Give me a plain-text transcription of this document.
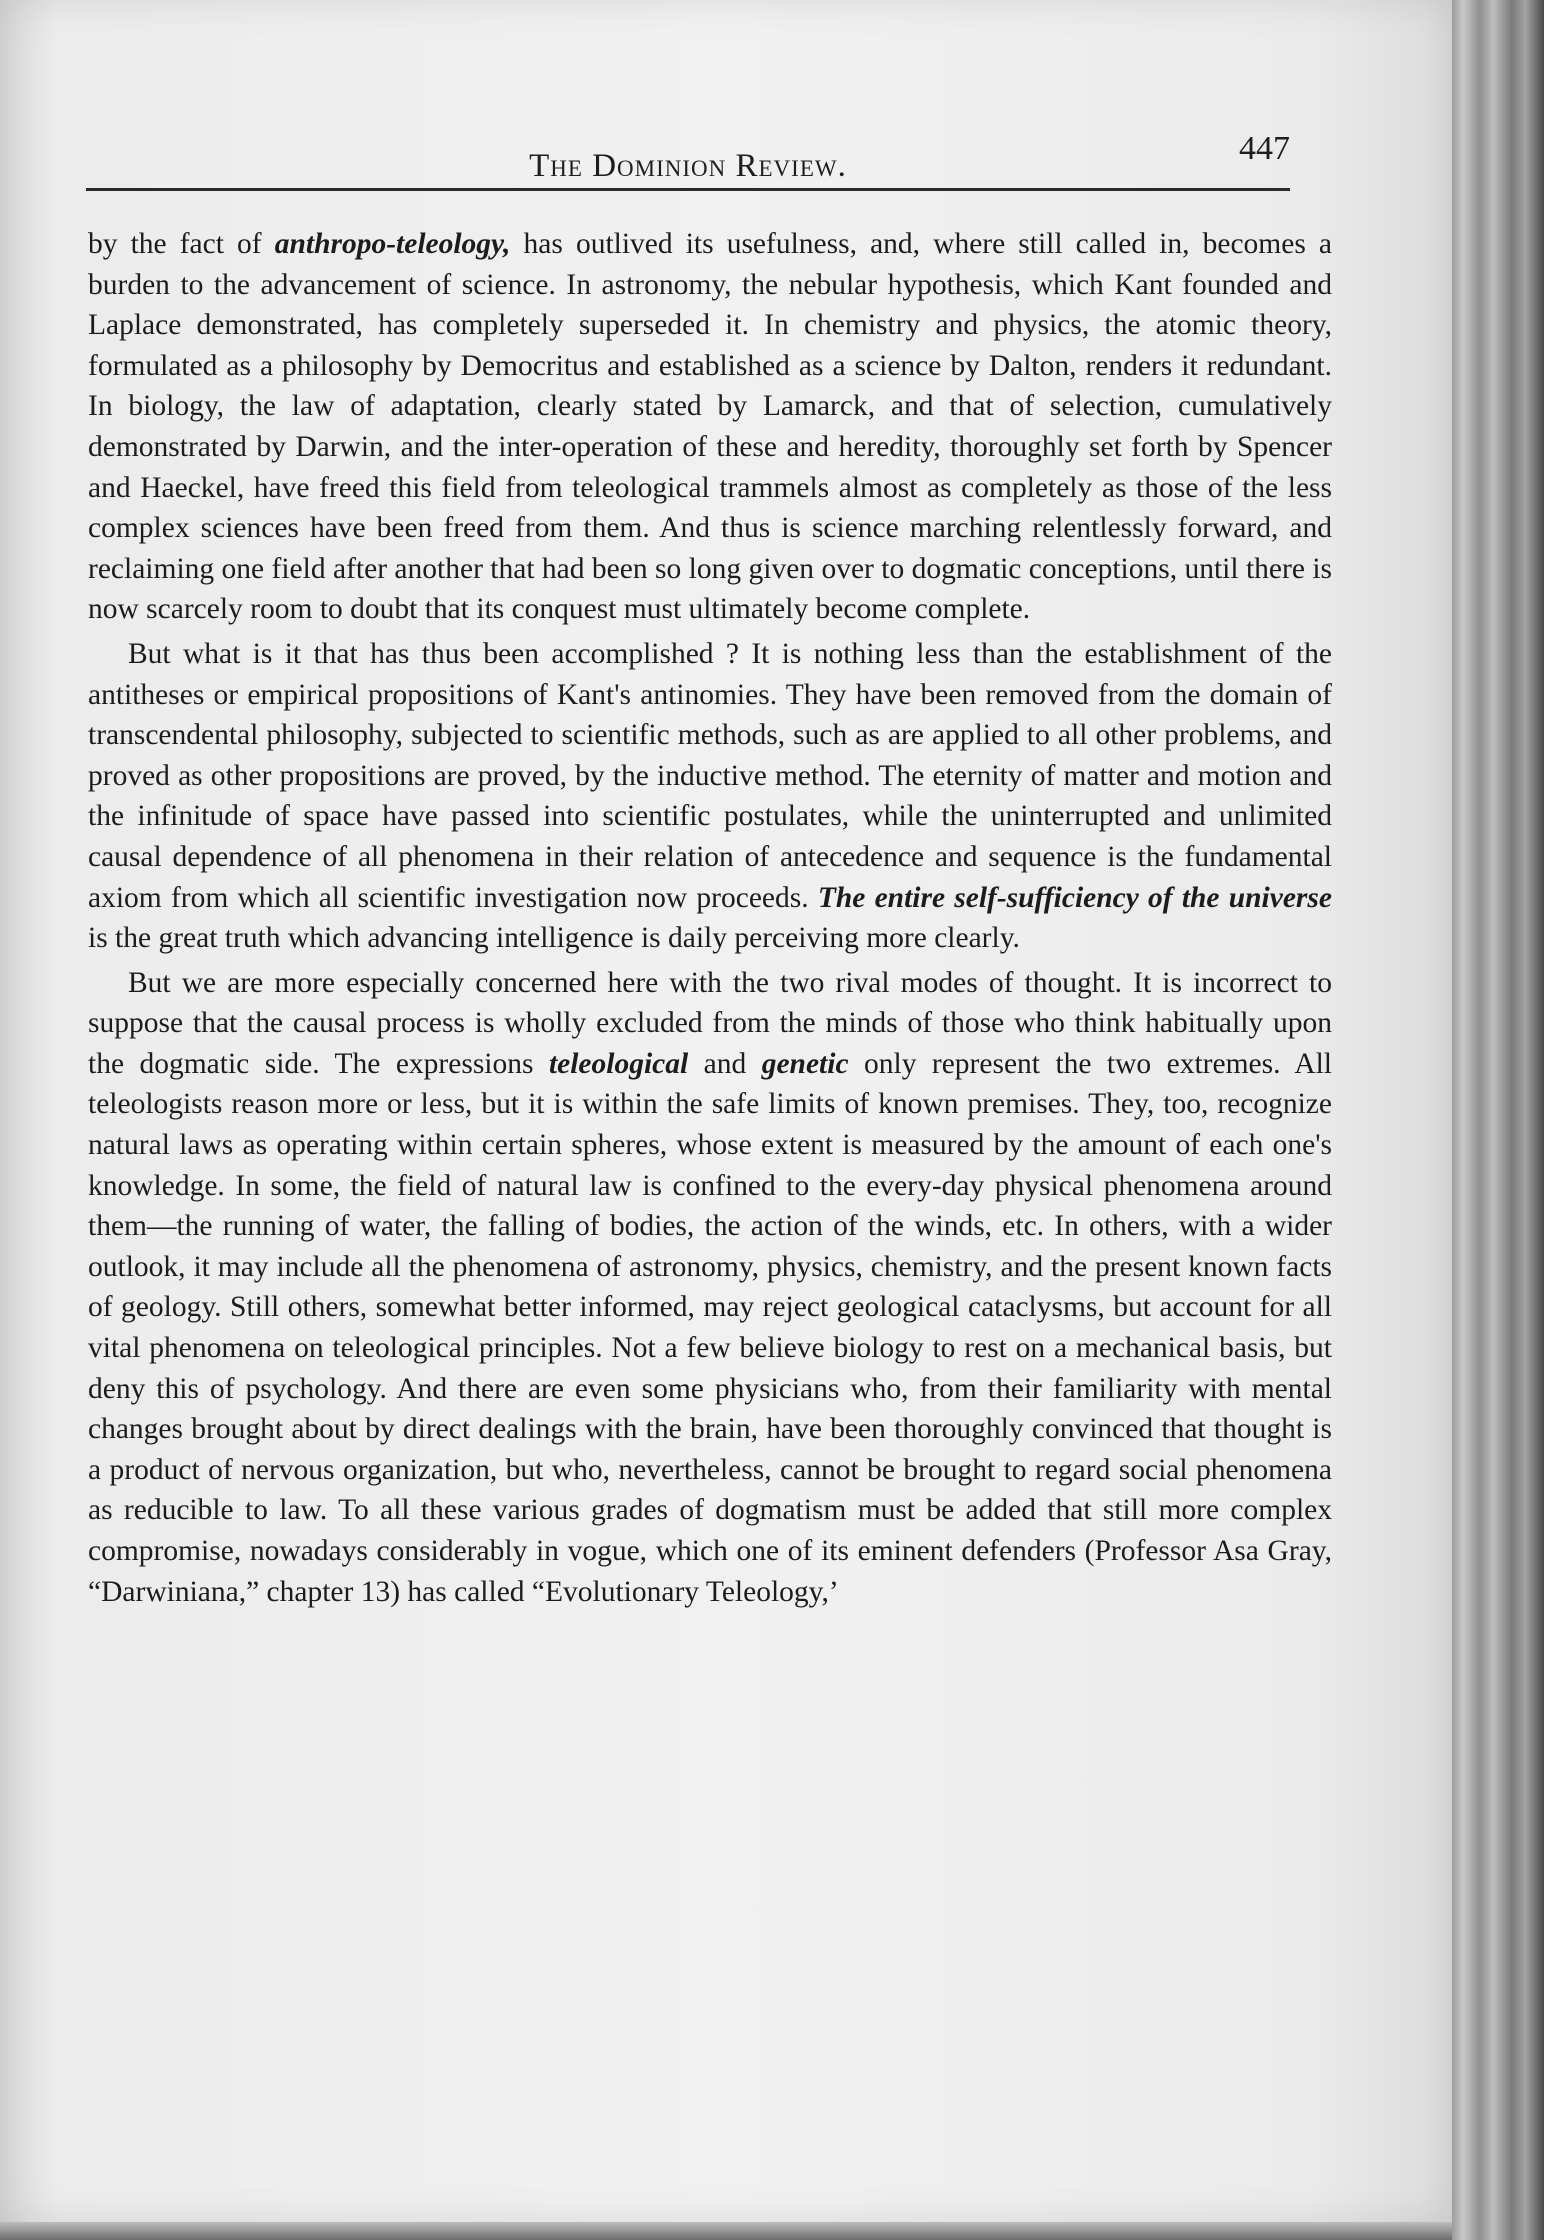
The Dominion Review.	447

by the fact of anthropo-teleology, has outlived its usefulness, and, where still called in, becomes a burden to the advancement of science. In astronomy, the nebular hypothesis, which Kant founded and Laplace demonstrated, has completely superseded it. In chemistry and physics, the atomic theory, formulated as a philosophy by Democritus and established as a science by Dalton, renders it redundant. In biology, the law of adaptation, clearly stated by Lamarck, and that of selection, cumulatively demonstrated by Darwin, and the inter-operation of these and heredity, thoroughly set forth by Spencer and Haeckel, have freed this field from teleological trammels almost as completely as those of the less complex sciences have been freed from them. And thus is science marching relentlessly forward, and reclaiming one field after another that had been so long given over to dogmatic conceptions, until there is now scarcely room to doubt that its conquest must ultimately become complete.

But what is it that has thus been accomplished ? It is nothing less than the establishment of the antitheses or empirical propositions of Kant's antinomies. They have been removed from the domain of transcendental philosophy, subjected to scientific methods, such as are applied to all other problems, and proved as other propositions are proved, by the inductive method. The eternity of matter and motion and the infinitude of space have passed into scientific postulates, while the uninterrupted and unlimited causal dependence of all phenomena in their relation of antecedence and sequence is the fundamental axiom from which all scientific investigation now proceeds. The entire self-sufficiency of the universe is the great truth which advancing intelligence is daily perceiving more clearly.

But we are more especially concerned here with the two rival modes of thought. It is incorrect to suppose that the causal process is wholly excluded from the minds of those who think habitually upon the dogmatic side. The expressions teleological and genetic only represent the two extremes. All teleologists reason more or less, but it is within the safe limits of known premises. They, too, recognize natural laws as operating within certain spheres, whose extent is measured by the amount of each one's knowledge. In some, the field of natural law is confined to the every-day physical phenomena around them—the running of water, the falling of bodies, the action of the winds, etc. In others, with a wider outlook, it may include all the phenomena of astronomy, physics, chemistry, and the present known facts of geology. Still others, somewhat better informed, may reject geological cataclysms, but account for all vital phenomena on teleological principles. Not a few believe biology to rest on a mechanical basis, but deny this of psychology. And there are even some physicians who, from their familiarity with mental changes brought about by direct dealings with the brain, have been thoroughly convinced that thought is a product of nervous organization, but who, nevertheless, cannot be brought to regard social phenomena as reducible to law. To all these various grades of dogmatism must be added that still more complex compromise, nowadays considerably in vogue, which one of its eminent defenders (Professor Asa Gray, “Darwiniana,” chapter 13) has called “Evolutionary Teleology,’
